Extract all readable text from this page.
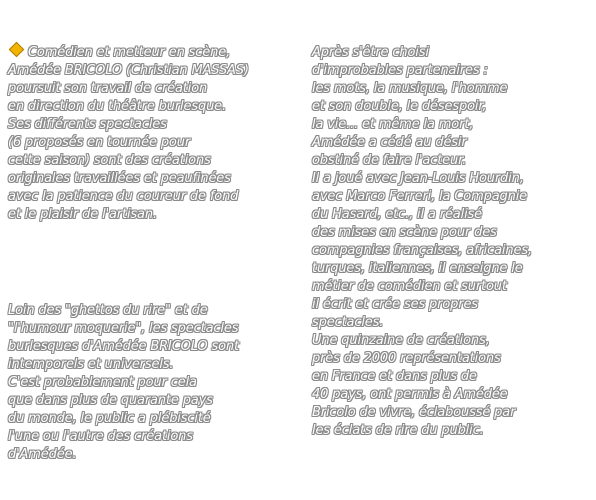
Comédien et metteur en scène,
Amédée BRICOLO (Christian MASSAS)
poursuit son travail de création
en direction du théâtre burlesque.
Ses différents spectacles
(6 proposés en tournée pour
cette saison) sont des créations
originales travaillées et peaufinées
avec la patience du coureur de fond
et le plaisir de l'artisan.

Loin des "ghettos du rire" et de
"l'humour moquerie", les spectacles
burlesques d'Amédée BRICOLO sont
intemporels et universels.
C'est probablement pour cela
que dans plus de quarante pays
du monde, le public a plébiscité
l'une ou l'autre des créations
d'Amédée.

Après s'être choisi
d'improbables partenaires :
les mots, la musique, l'homme
et son double, le désespoir,
la vie... et même la mort,
Amédée a cédé au désir
obstiné de faire l'acteur.
Il a joué avec Jean-Louis Hourdin,
avec Marco Ferreri, la Compagnie
du Hasard, etc., il a réalisé
des mises en scène pour des
compagnies françaises, africaines,
turques, italiennes, il enseigne le
métier de comédien et surtout
il écrit et crée ses propres
spectacles.
Une quinzaine de créations,
près de 2000 représentations
en France et dans plus de
40 pays, ont permis à Amédée
Bricolo de vivre, éclaboussé par
les éclats de rire du public.
